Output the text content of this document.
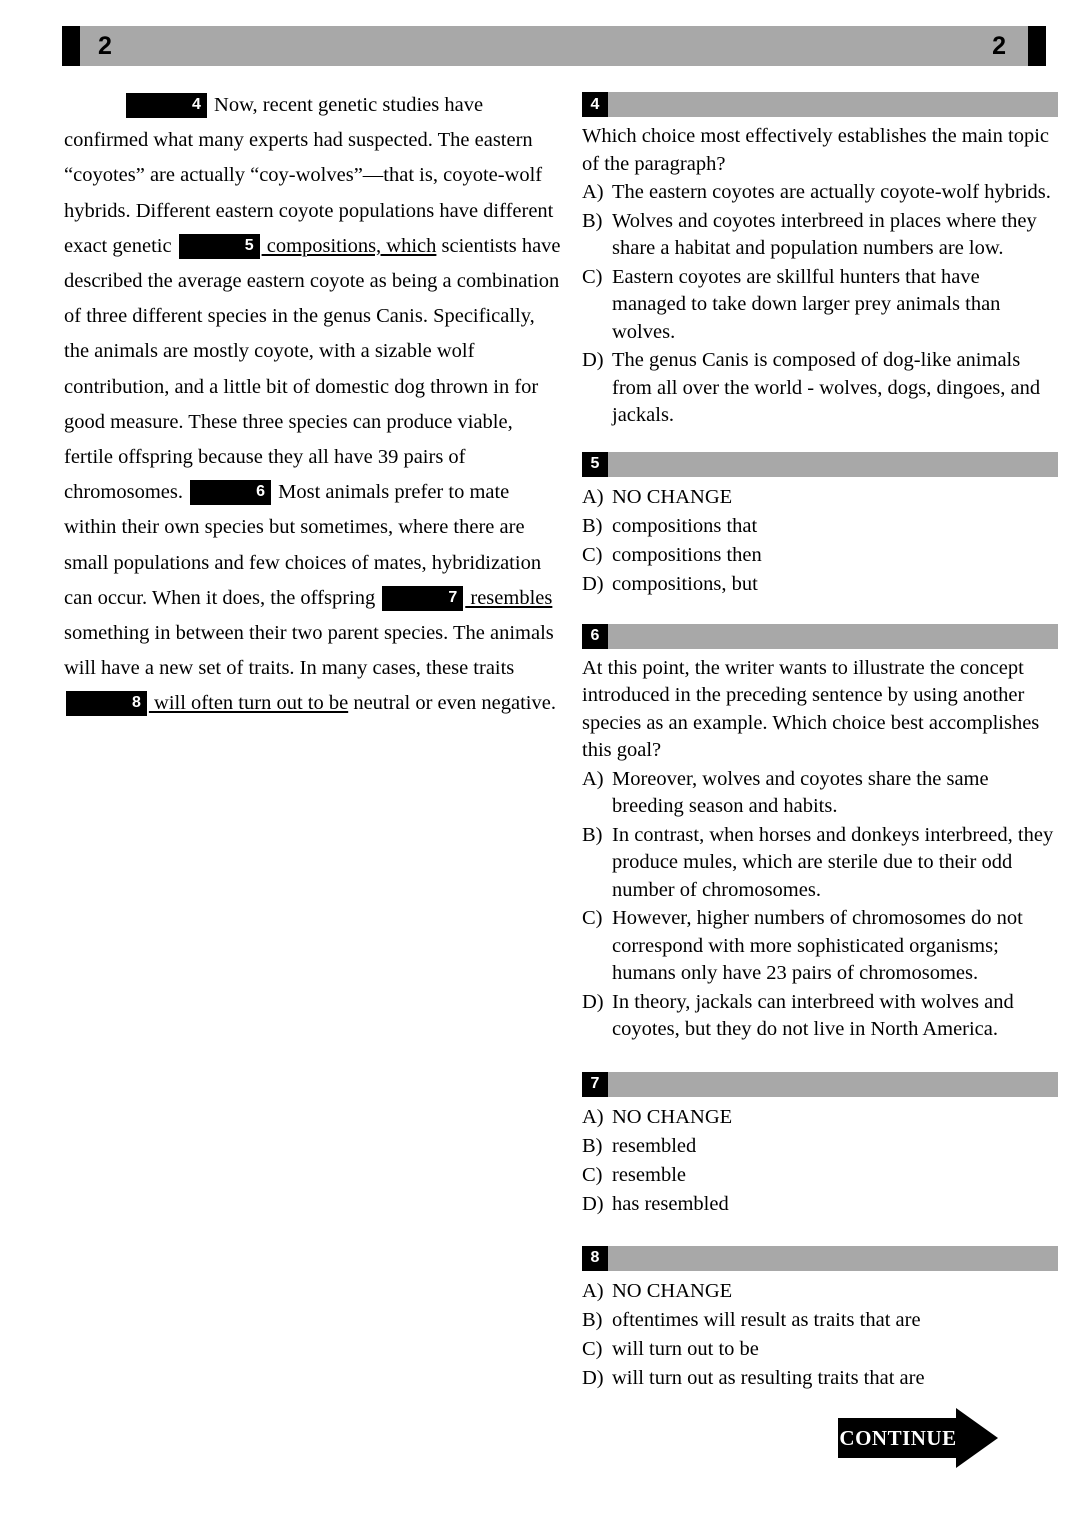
2	2
4 Now, recent genetic studies have confirmed what many experts had suspected. The eastern “coyotes” are actually “coy-wolves”—that is, coyote-wolf hybrids. Different eastern coyote populations have different exact genetic	5 compositions, which scientists have described the average eastern coyote as being a combination of three different species in the genus Canis. Specifically, the animals are mostly coyote, with a sizable wolf contribution, and a little bit of domestic dog thrown in for good measure. These three species can produce viable, fertile offspring because they all have 39 pairs of chromosomes.	6 Most animals prefer to mate within their own species but sometimes, where there are small populations and few choices of mates, hybridization can occur. When it does, the offspring	7 resembles something in between their two parent species. The animals will have a new set of traits. In many cases, these traits 8 will often turn out to be neutral or even negative.
4
Which choice most effectively establishes the main topic of the paragraph?
A) The eastern coyotes are actually coyote-wolf hybrids.
B) Wolves and coyotes interbreed in places where they share a habitat and population numbers are low.
C) Eastern coyotes are skillful hunters that have managed to take down larger prey animals than wolves.
D) The genus Canis is composed of dog-like animals from all over the world - wolves, dogs, dingoes, and jackals.
5
A) NO CHANGE
B) compositions that
C) compositions then
D) compositions, but
6
At this point, the writer wants to illustrate the concept introduced in the preceding sentence by using another species as an example. Which choice best accomplishes this goal?
A) Moreover, wolves and coyotes share the same breeding season and habits.
B) In contrast, when horses and donkeys interbreed, they produce mules, which are sterile due to their odd number of chromosomes.
C) However, higher numbers of chromosomes do not correspond with more sophisticated organisms; humans only have 23 pairs of chromosomes.
D) In theory, jackals can interbreed with wolves and coyotes, but they do not live in North America.
7
A) NO CHANGE
B) resembled
C) resemble
D) has resembled
8
A) NO CHANGE
B) oftentimes will result as traits that are
C) will turn out to be
D) will turn out as resulting traits that are
CONTINUE
